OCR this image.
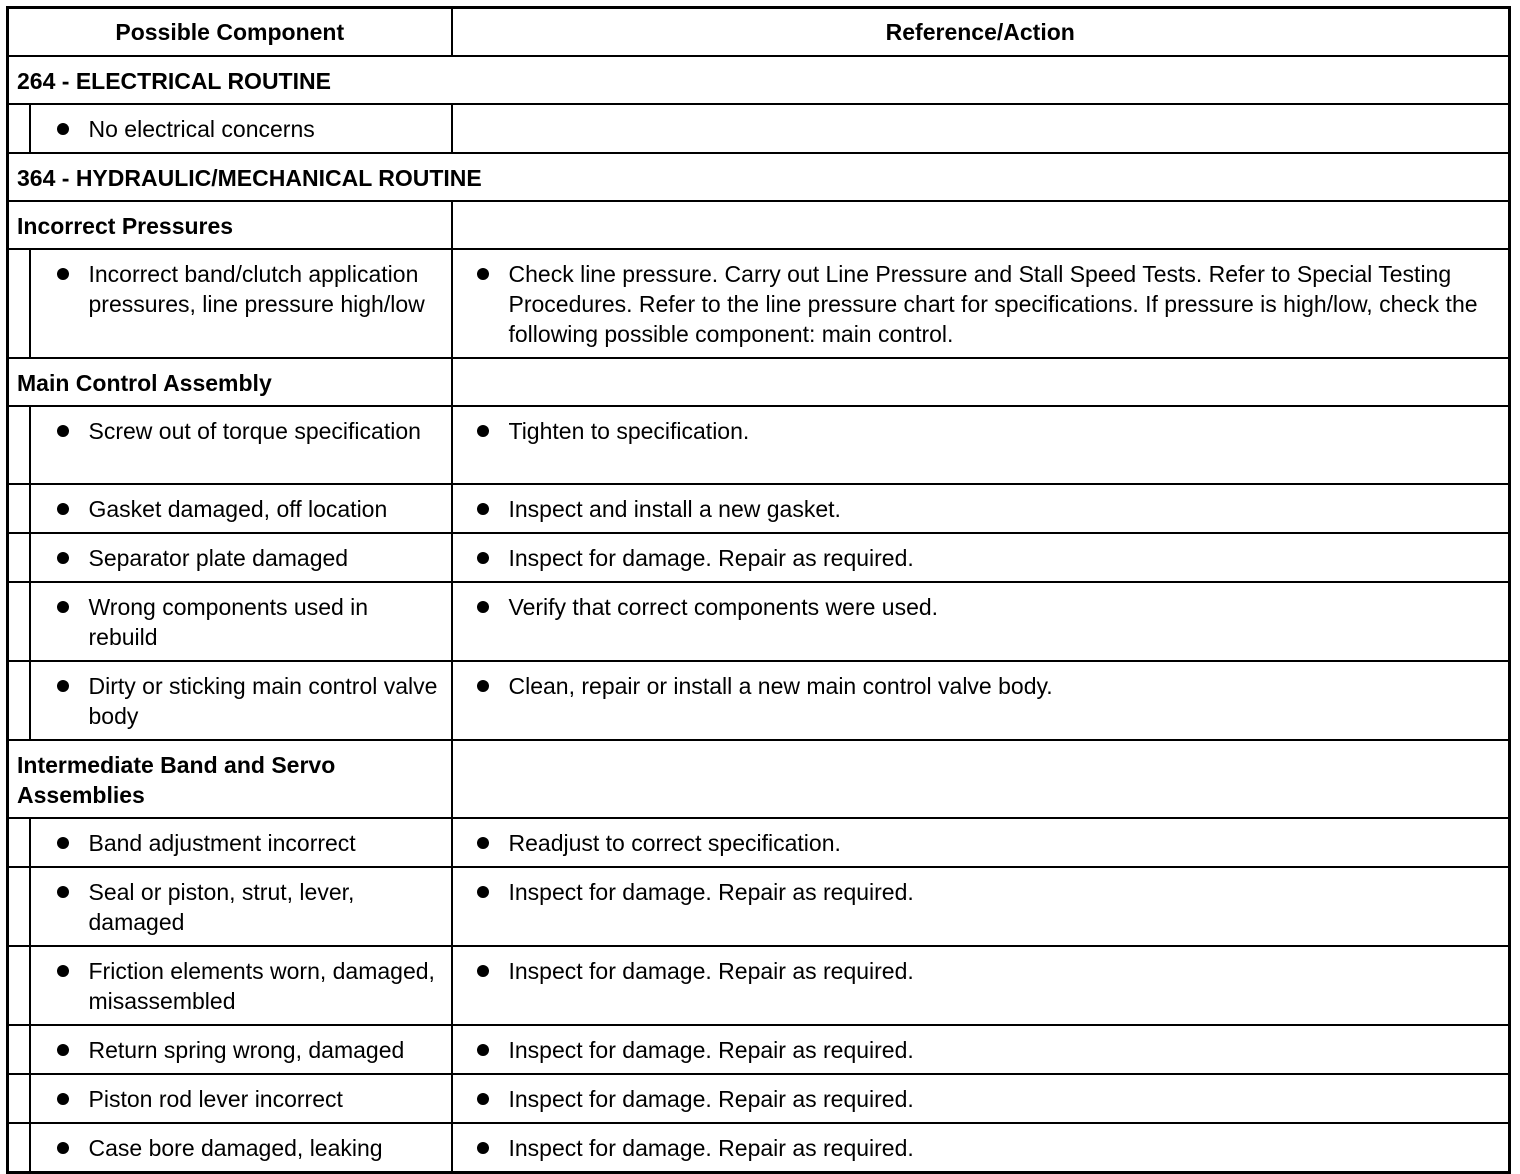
Possible Component		Reference/Action
264 - ELECTRICAL ROUTINE		

	No electrical concerns	

364 - HYDRAULIC/MECHANICAL ROUTINE		
Incorrect Pressures		

	Incorrect band/clutch application pressures, line pressure high/low	Check line pressure. Carry out Line Pressure and Stall Speed Tests. Refer to Special Testing Procedures. Refer to the line pressure chart for specifications. If pressure is high/low, check the following possible component: main control.

Main Control Assembly		

	Screw out of torque specification	Tighten to specification.

	Gasket damaged, off location	Inspect and install a new gasket.

	Separator plate damaged	Inspect for damage. Repair as required.

	Wrong components used in rebuild	Verify that correct components were used.

	Dirty or sticking main control valve body	Clean, repair or install a new main control valve body.

Intermediate Band and Servo Assemblies		

	Band adjustment incorrect	Readjust to correct specification.

	Seal or piston, strut, lever, damaged	Inspect for damage. Repair as required.

	Friction elements worn, damaged, misassembled	Inspect for damage. Repair as required.

	Return spring wrong, damaged	Inspect for damage. Repair as required.

	Piston rod lever incorrect	Inspect for damage. Repair as required.

	Case bore damaged, leaking	Inspect for damage. Repair as required.
